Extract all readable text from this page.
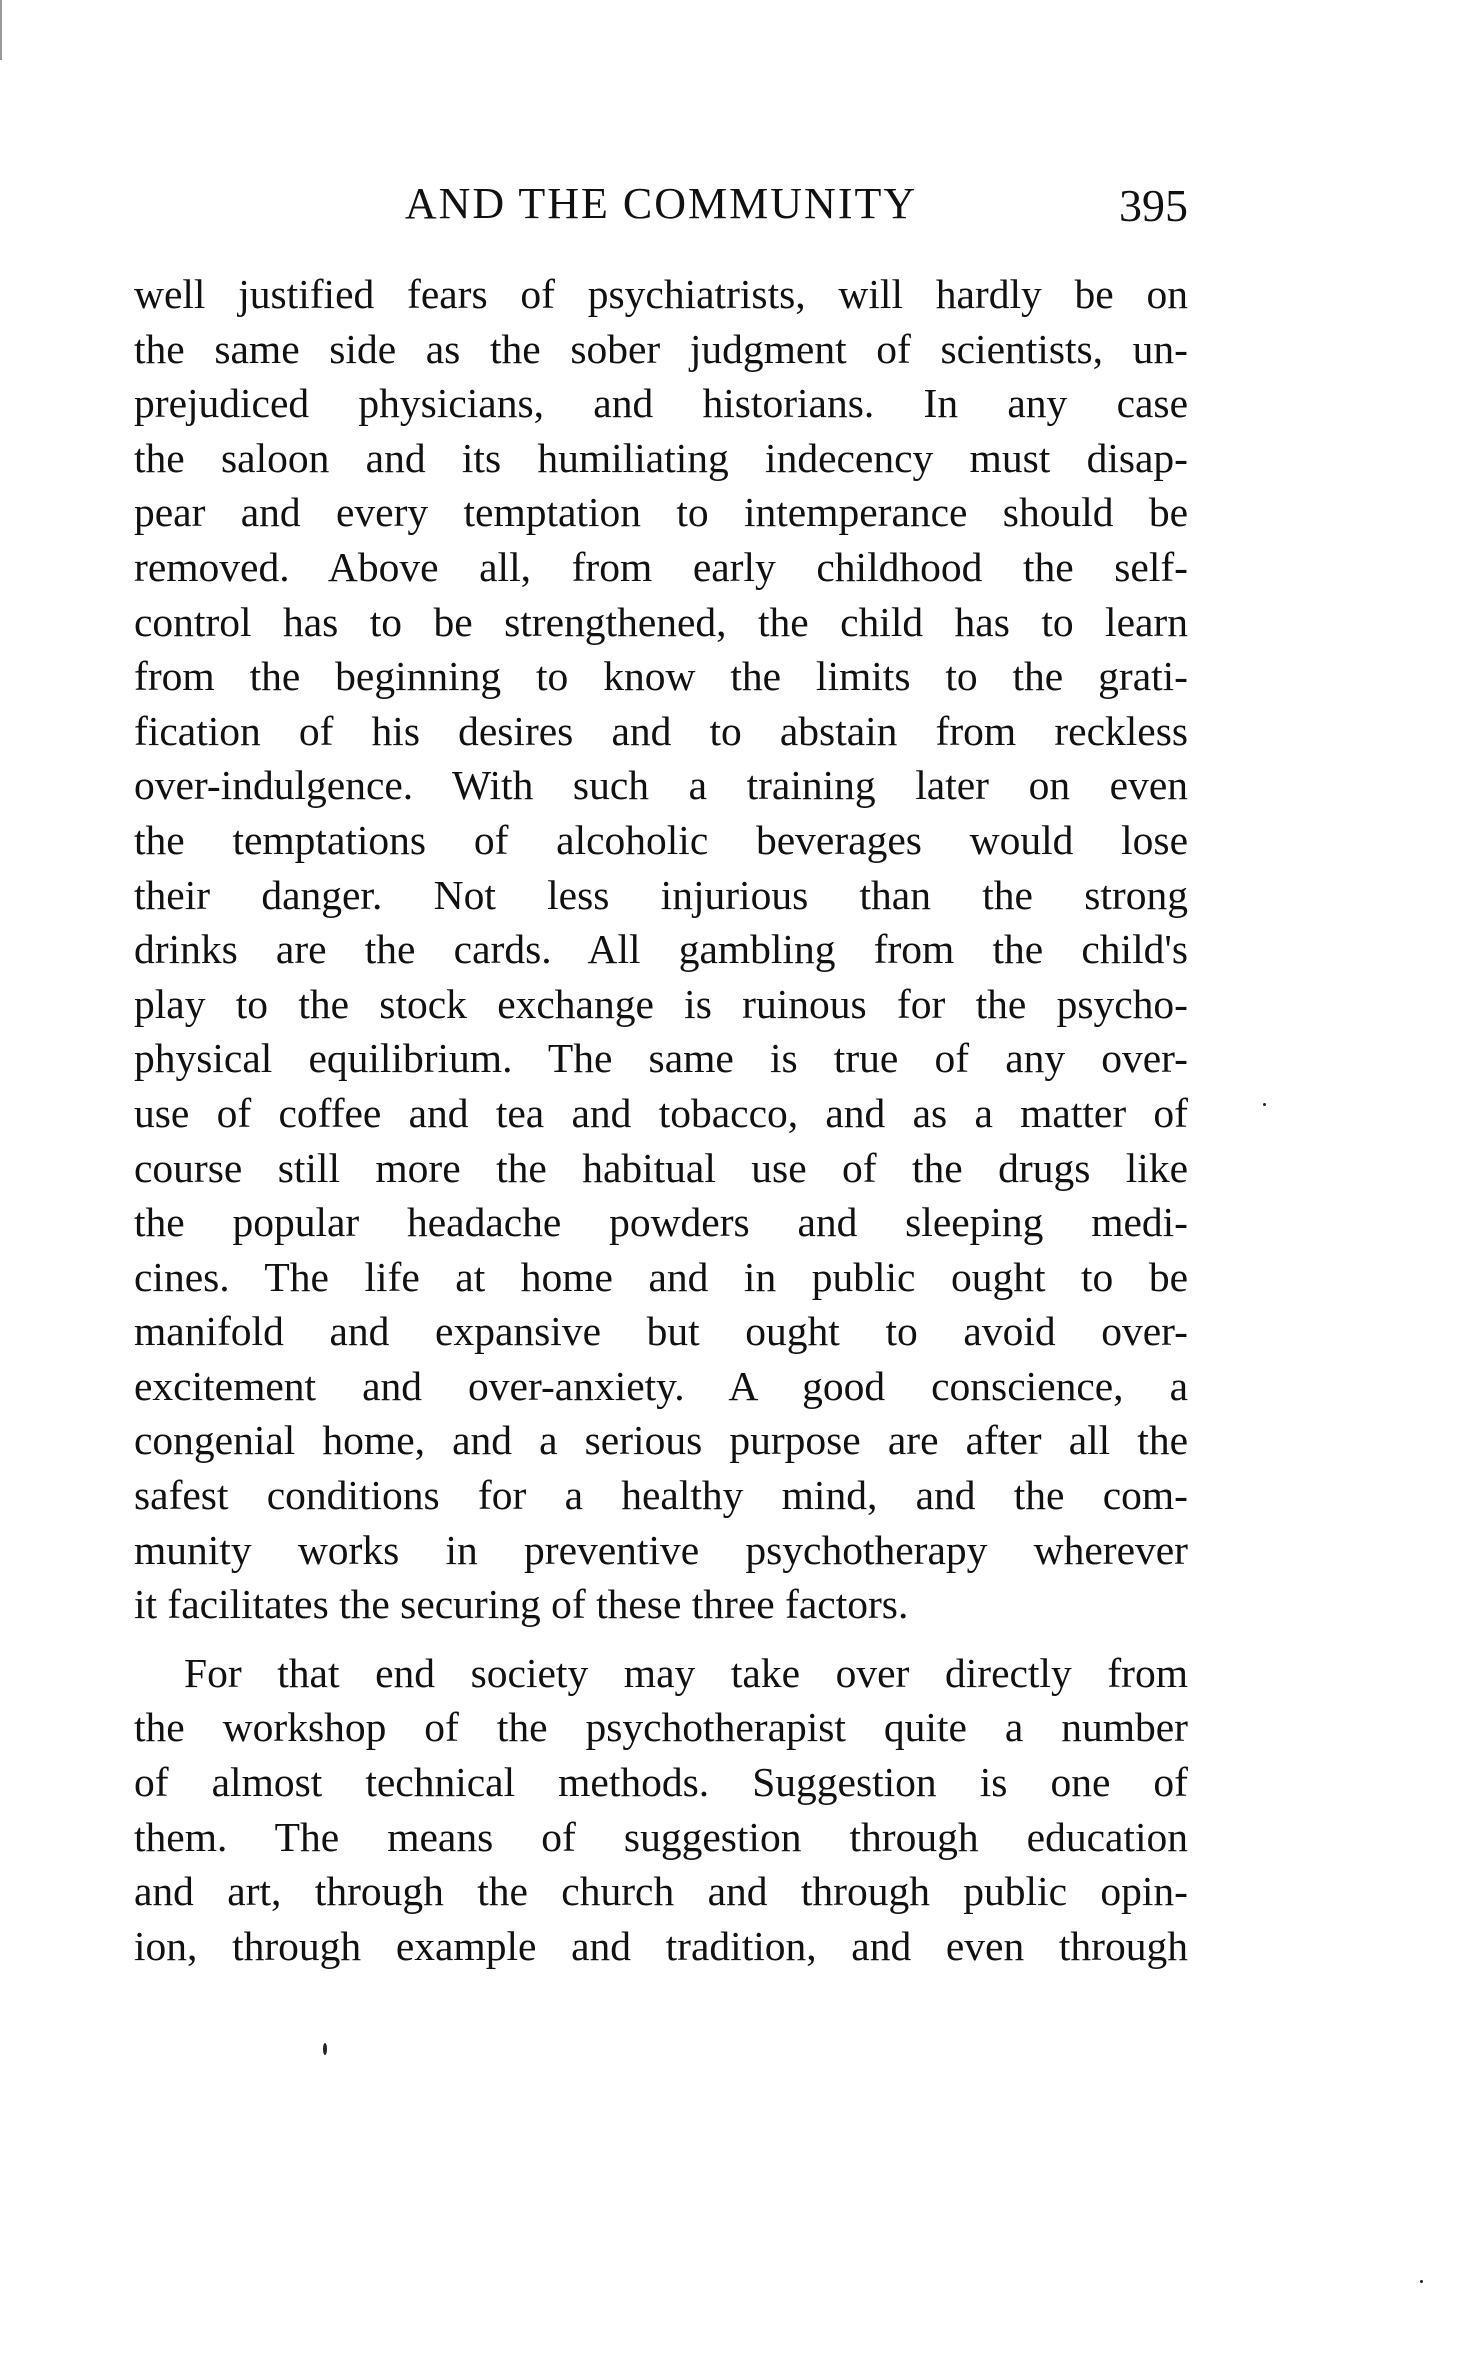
AND THE COMMUNITY	395
well justified fears of psychiatrists, will hardly be on
the same side as the sober judgment of scientists, un-
prejudiced physicians, and historians. In any case
the saloon and its humiliating indecency must disap-
pear and every temptation to intemperance should be
removed. Above all, from early childhood the self-
control has to be strengthened, the child has to learn
from the beginning to know the limits to the grati-
fication of his desires and to abstain from reckless
over-indulgence. With such a training later on even
the temptations of alcoholic beverages would lose
their danger. Not less injurious than the strong
drinks are the cards. All gambling from the child's
play to the stock exchange is ruinous for the psycho-
physical equilibrium. The same is true of any over-
use of coffee and tea and tobacco, and as a matter of
course still more the habitual use of the drugs like
the popular headache powders and sleeping medi-
cines. The life at home and in public ought to be
manifold and expansive but ought to avoid over-
excitement and over-anxiety. A good conscience, a
congenial home, and a serious purpose are after all the
safest conditions for a healthy mind, and the com-
munity works in preventive psychotherapy wherever
it facilitates the securing of these three factors.
For that end society may take over directly from
the workshop of the psychotherapist quite a number
of almost technical methods. Suggestion is one of
them. The means of suggestion through education
and art, through the church and through public opin-
ion, through example and tradition, and even through
